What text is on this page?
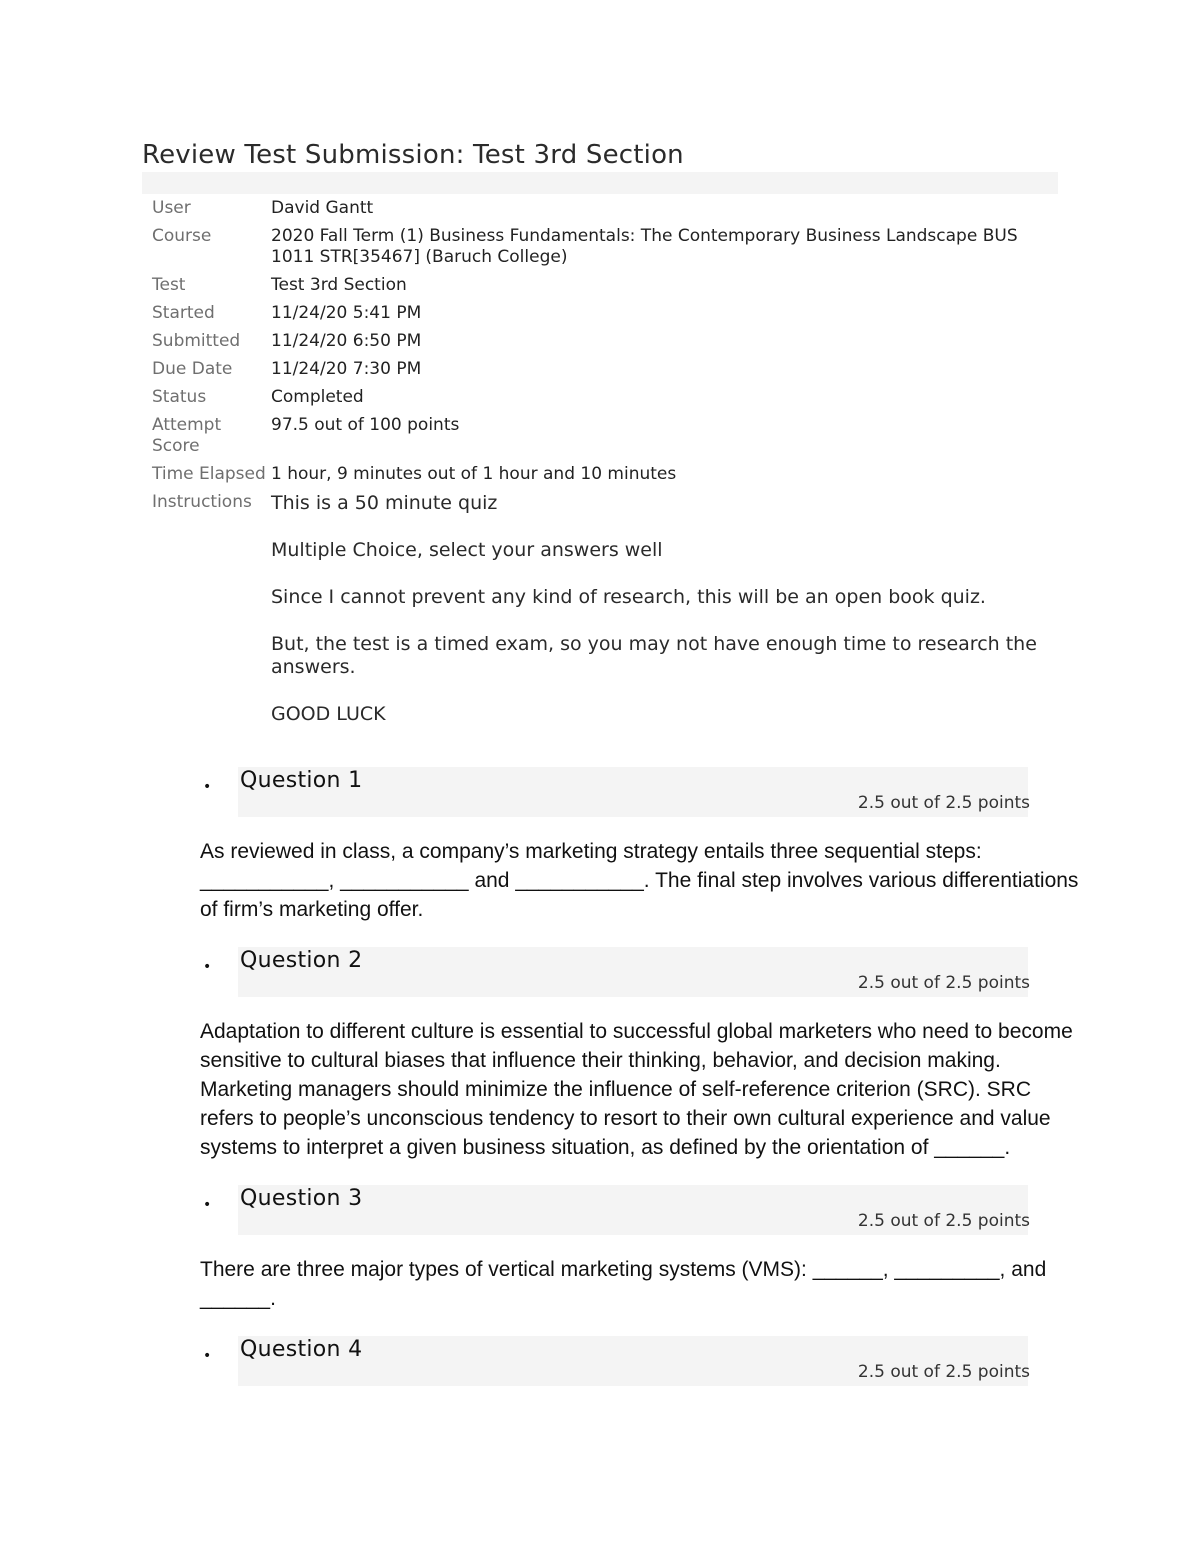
Review Test Submission: Test 3rd Section
User	David Gantt
Course	2020 Fall Term (1) Business Fundamentals: The Contemporary Business Landscape BUS 1011 STR[35467] (Baruch College)
Test	Test 3rd Section
Started	11/24/20 5:41 PM
Submitted	11/24/20 6:50 PM
Due Date	11/24/20 7:30 PM
Status	Completed
Attempt Score	97.5 out of 100 points
Time Elapsed	1 hour, 9 minutes out of 1 hour and 10 minutes
Instructions	This is a 50 minute quiz

Multiple Choice, select your answers well

Since I cannot prevent any kind of research, this will be an open book quiz.

But, the test is a timed exam, so you may not have enough time to research the answers.

GOOD LUCK

• Question 1
2.5 out of 2.5 points

As reviewed in class, a company’s marketing strategy entails three sequential steps: ___________, ___________ and ___________. The final step involves various differentiations of firm’s marketing offer.

• Question 2
2.5 out of 2.5 points

Adaptation to different culture is essential to successful global marketers who need to become sensitive to cultural biases that influence their thinking, behavior, and decision making. Marketing managers should minimize the influence of self-reference criterion (SRC). SRC refers to people’s unconscious tendency to resort to their own cultural experience and value systems to interpret a given business situation, as defined by the orientation of ______.

• Question 3
2.5 out of 2.5 points

There are three major types of vertical marketing systems (VMS): ______, _________, and ______.

• Question 4
2.5 out of 2.5 points
